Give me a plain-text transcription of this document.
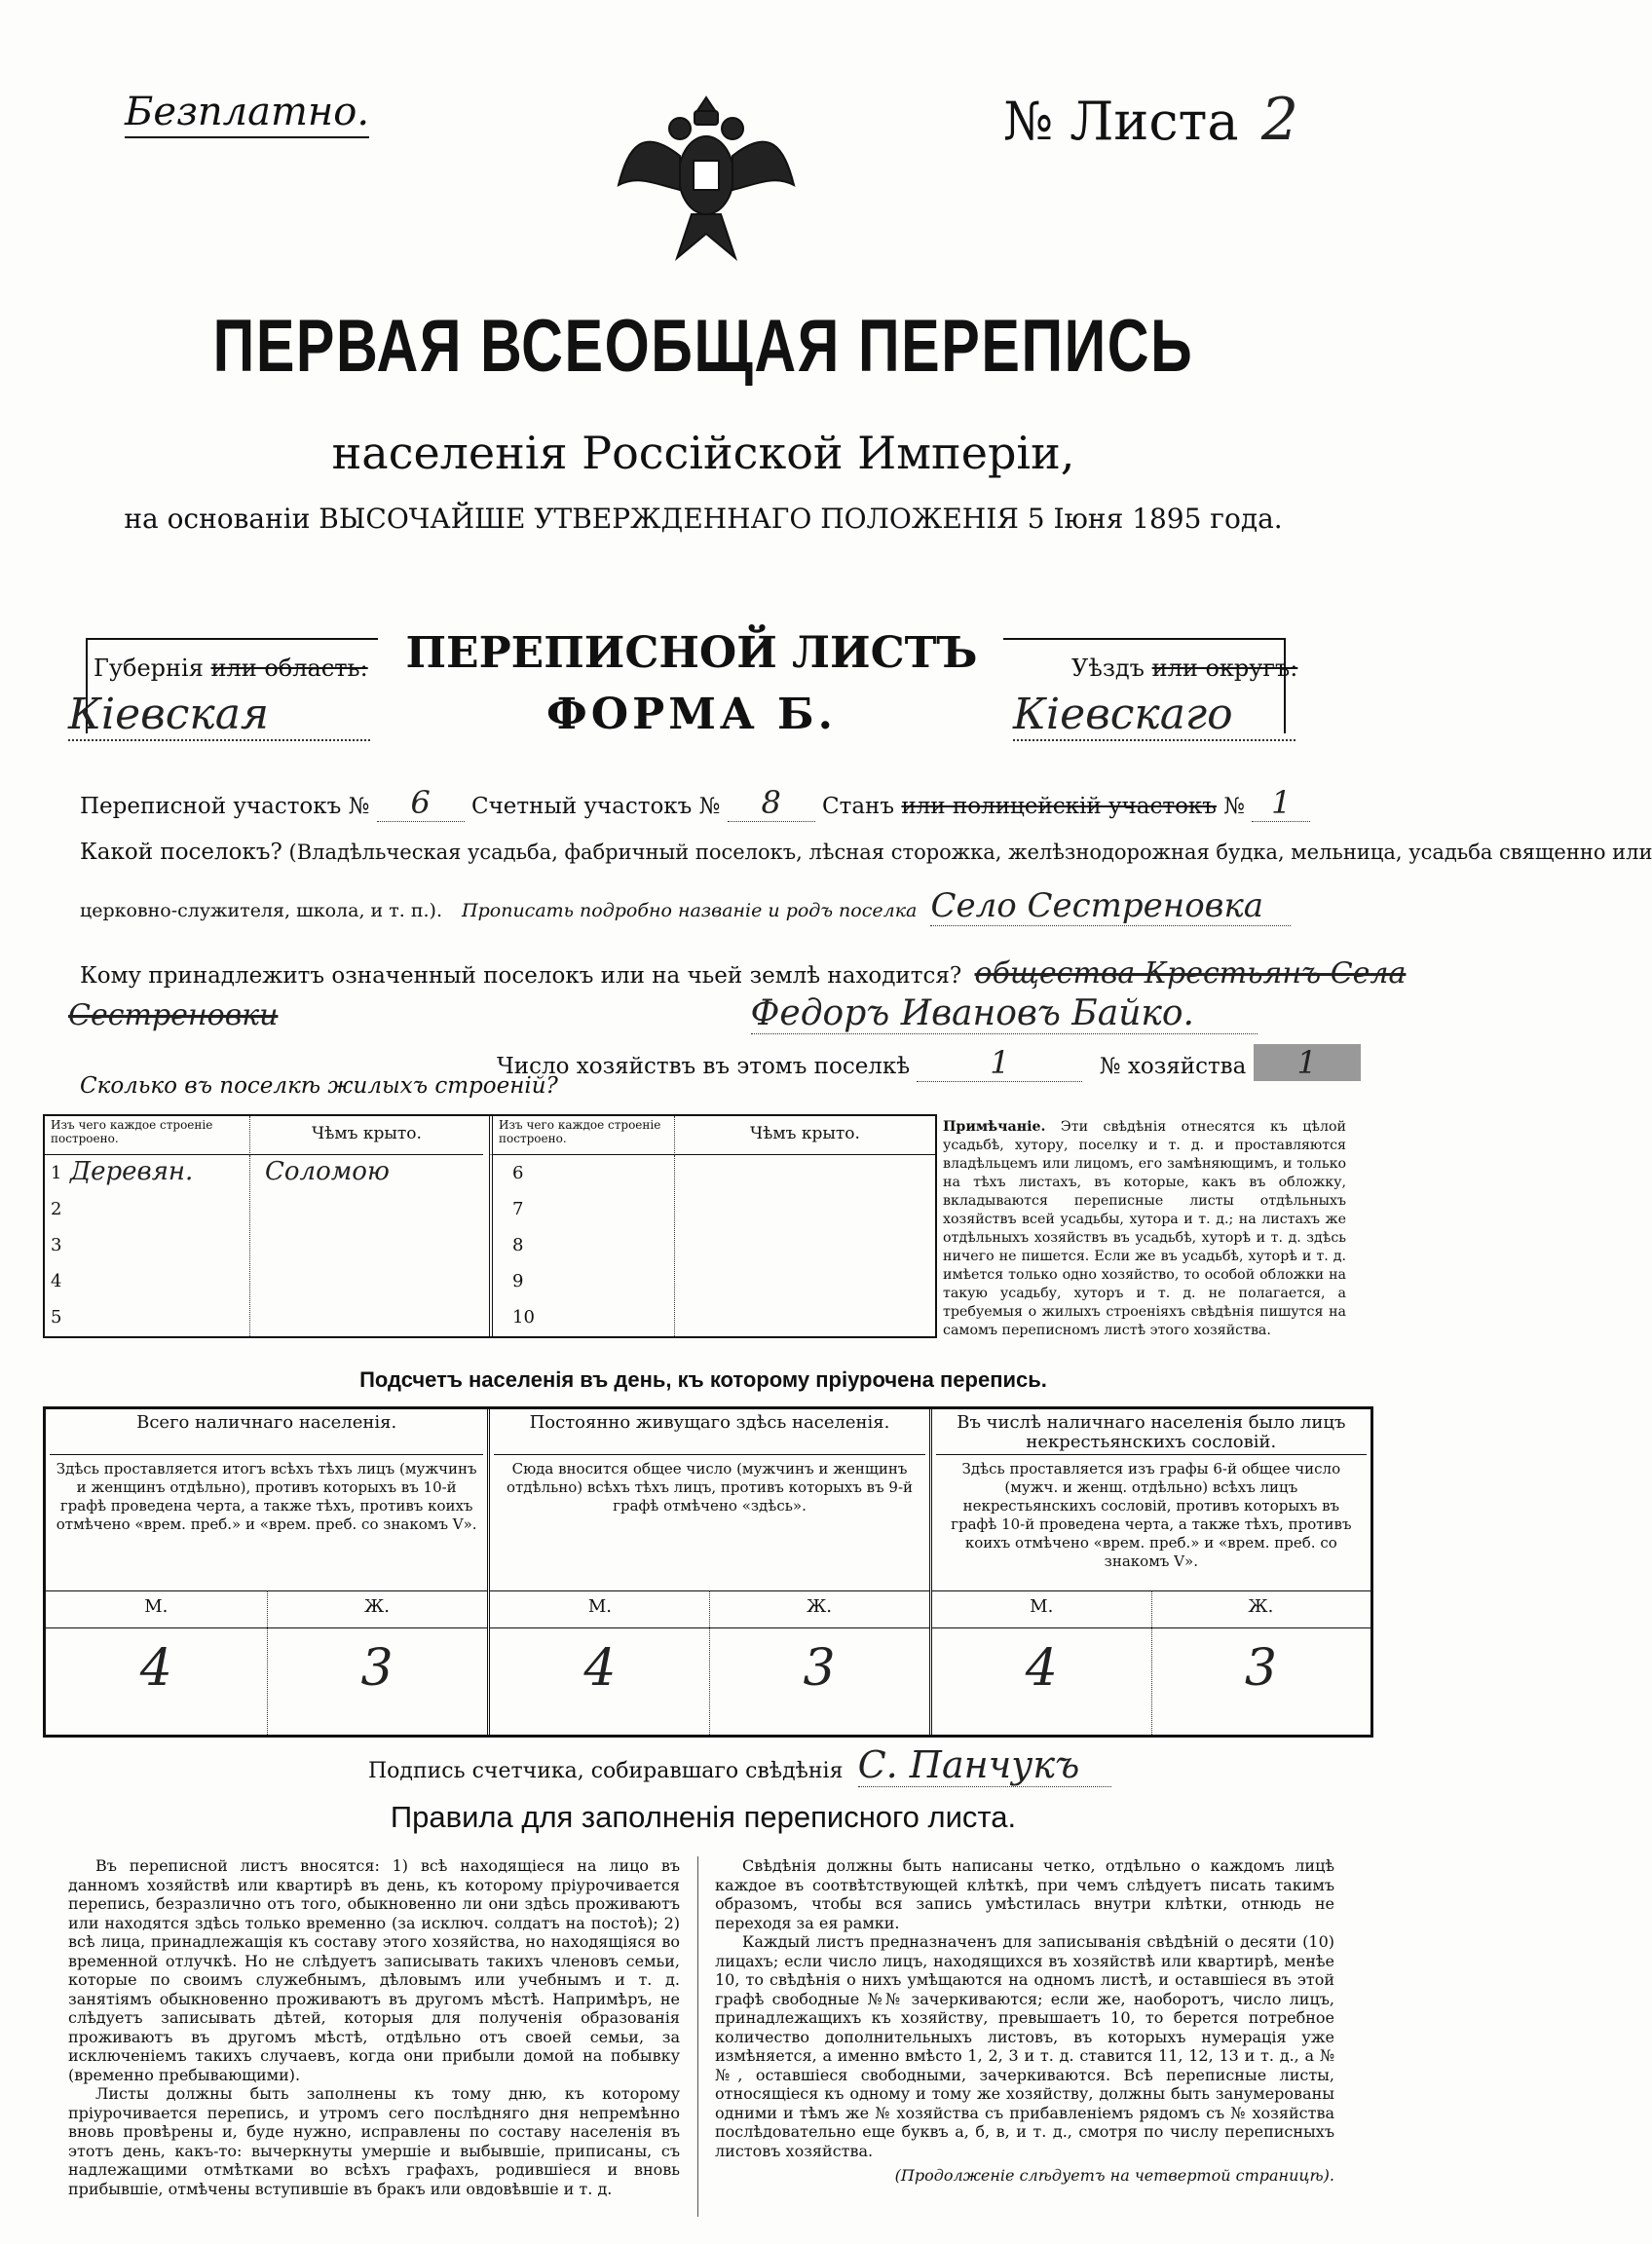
Безплатно.	№ Листа 2
ПЕРВАЯ ВСЕОБЩАЯ ПЕРЕПИСЬ
населенія Россійской Имперіи,
на основаніи ВЫСОЧАЙШЕ УТВЕРЖДЕННАГО ПОЛОЖЕНІЯ 5 Іюня 1895 года.
ПЕРЕПИСНОЙ ЛИСТЪ
ФОРМА Б.
Губернія или область:
Кіевская
Уѣздъ или округъ:
Кіевскаго
Переписной участокъ № 6 Счетный участокъ № 8 Станъ или полицейскій участокъ № 1
Какой поселокъ? (Владѣльческая усадьба, фабричный поселокъ, лѣсная сторожка, желѣзнодорожная будка, мельница, усадьба священно или
церковно-служителя, школа, и т. п.). Прописать подробно названіе и родъ поселка Село Сестреновка
Кому принадлежитъ означенный поселокъ или на чьей землѣ находится? общества Крестьянъ Села
Сестреновки	Федоръ Ивановъ Байко.
Число хозяйствъ въ этомъ поселкѣ	1	№ хозяйства 1
Сколько въ поселкѣ жилыхъ строеній?
Изъ чего каждое строеніе построено.	Чѣмъ крыто.	Изъ чего каждое строеніе построено.	Чѣмъ крыто.
1 Деревян.	Соломою
2
3
4
5
6
7
8
9
10
Примѣчаніе. Эти свѣдѣнія отнесятся къ цѣлой усадьбѣ, хутору, поселку и т. д. и проставляются владѣльцемъ или лицомъ, его замѣняющимъ, и только на тѣхъ листахъ, въ которые, какъ въ обложку, вкладываются переписные листы отдѣльныхъ хозяйствъ всей усадьбы, хутора и т. д.; на листахъ же отдѣльныхъ хозяйствъ въ усадьбѣ, хуторѣ и т. д. здѣсь ничего не пишется. Если же въ усадьбѣ, хуторѣ и т. д. имѣется только одно хозяйство, то особой обложки на такую усадьбу, хуторъ и т. д. не полагается, а требуемыя о жилыхъ строеніяхъ свѣдѣнія пишутся на самомъ переписномъ листѣ этого хозяйства.
Подсчетъ населенія въ день, къ которому пріурочена перепись.
Всего наличнаго населенія.
Здѣсь проставляется итогъ всѣхъ тѣхъ лицъ (мужчинъ и женщинъ отдѣльно), противъ которыхъ въ 10-й графѣ проведена черта, а также тѣхъ, противъ коихъ отмѣчено «врем. преб.» и «врем. преб. со знакомъ V».
М.	Ж.
4	3
Постоянно живущаго здѣсь населенія.
Сюда вносится общее число (мужчинъ и женщинъ отдѣльно) всѣхъ тѣхъ лицъ, противъ которыхъ въ 9-й графѣ отмѣчено «здѣсь».
М.	Ж.
4	3
Въ числѣ наличнаго населенія было лицъ некрестьянскихъ сословій.
Здѣсь проставляется изъ графы 6-й общее число (мужч. и женщ. отдѣльно) всѣхъ лицъ некрестьянскихъ сословій, противъ которыхъ въ графѣ 10-й проведена черта, а также тѣхъ, противъ коихъ отмѣчено «врем. преб.» и «врем. преб. со знакомъ V».
М.	Ж.
4	3
Подпись счетчика, собиравшаго свѣдѣнія С. Панчукъ
Правила для заполненія переписного листа.
Въ переписной листъ вносятся: 1) всѣ находящіеся на лицо въ данномъ хозяйствѣ или квартирѣ въ день, къ которому пріурочивается перепись, безразлично отъ того, обыкновенно ли они здѣсь проживаютъ или находятся здѣсь только временно (за исключ. солдатъ на постоѣ); 2) всѣ лица, принадлежащія къ составу этого хозяйства, но находящіяся во временной отлучкѣ. Но не слѣдуетъ записывать такихъ членовъ семьи, которые по своимъ служебнымъ, дѣловымъ или учебнымъ и т. д. занятіямъ обыкновенно проживаютъ въ другомъ мѣстѣ. Напримѣръ, не слѣдуетъ записывать дѣтей, которыя для полученія образованія проживаютъ въ другомъ мѣстѣ, отдѣльно отъ своей семьи, за исключеніемъ такихъ случаевъ, когда они прибыли домой на побывку (временно пребывающими).
Листы должны быть заполнены къ тому дню, къ которому пріурочивается перепись, и утромъ сего послѣдняго дня непремѣнно вновь провѣрены и, буде нужно, исправлены по составу населенія въ этотъ день, какъ-то: вычеркнуты умершіе и выбывшіе, приписаны, съ надлежащими отмѣтками во всѣхъ графахъ, родившіеся и вновь прибывшіе, отмѣчены вступившіе въ бракъ или овдовѣвшіе и т. д.
Свѣдѣнія должны быть написаны четко, отдѣльно о каждомъ лицѣ каждое въ соотвѣтствующей клѣткѣ, при чемъ слѣдуетъ писать такимъ образомъ, чтобы вся запись умѣстилась внутри клѣтки, отнюдь не переходя за ея рамки.
Каждый листъ предназначенъ для записыванія свѣдѣній о десяти (10) лицахъ; если число лицъ, находящихся въ хозяйствѣ или квартирѣ, менѣе 10, то свѣдѣнія о нихъ умѣщаются на одномъ листѣ, и оставшіеся въ этой графѣ свободные №№ зачеркиваются; если же, наоборотъ, число лицъ, принадлежащихъ къ хозяйству, превышаетъ 10, то берется потребное количество дополнительныхъ листовъ, въ которыхъ нумерація уже измѣняется, а именно вмѣсто 1, 2, 3 и т. д. ставится 11, 12, 13 и т. д., а №№, оставшіеся свободными, зачеркиваются. Всѣ переписные листы, относящіеся къ одному и тому же хозяйству, должны быть занумерованы одними и тѣмъ же № хозяйства съ прибавленіемъ рядомъ съ № хозяйства послѣдовательно еще буквъ а, б, в, и т. д., смотря по числу переписныхъ листовъ хозяйства.
(Продолженіе слѣдуетъ на четвертой страницѣ).
